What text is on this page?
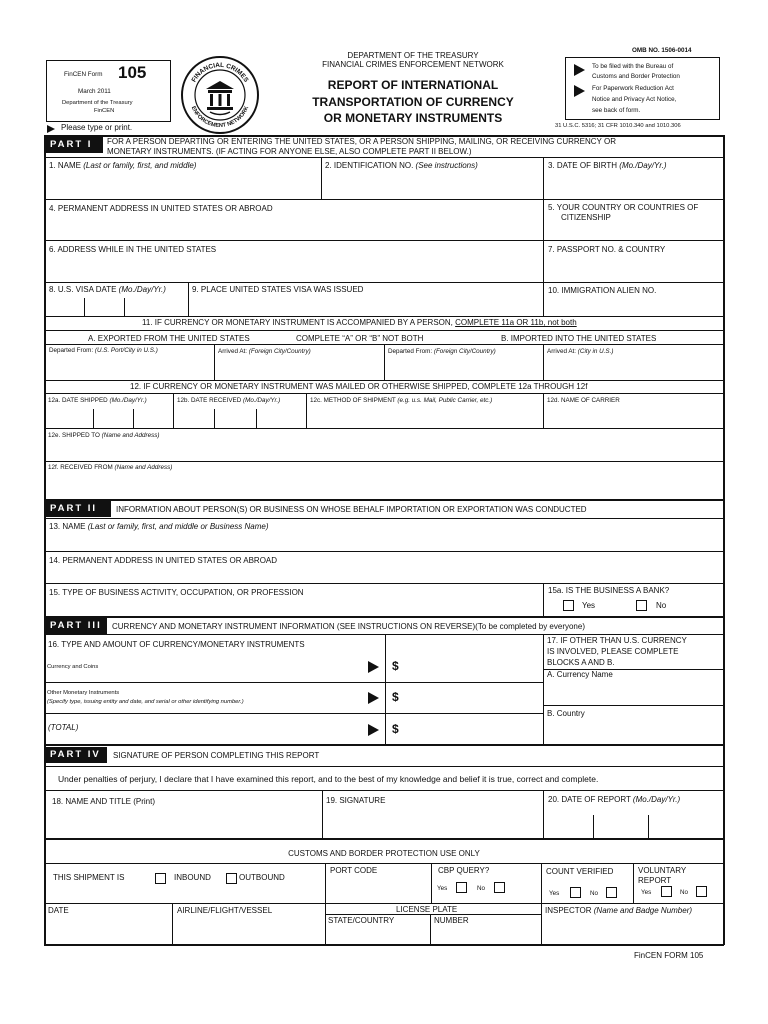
FinCEN Form 105
March 2011
Department of the Treasury
FinCEN
FINANCIAL CRIMES
ENFORCEMENT NETWORK
DEPARTMENT OF THE TREASURY
FINANCIAL CRIMES ENFORCEMENT NETWORK
REPORT OF INTERNATIONAL
TRANSPORTATION OF CURRENCY
OR MONETARY INSTRUMENTS
OMB NO. 1506-0014
To be filed with the Bureau of
Customs and Border Protection
For Paperwork Reduction Act
Notice and Privacy Act Notice,
see back of form.
31 U.S.C. 5316; 31 CFR 1010.340 and 1010.306
Please type or print.
PART I	FOR A PERSON DEPARTING OR ENTERING THE UNITED STATES, OR A PERSON SHIPPING, MAILING, OR RECEIVING CURRENCY OR
MONETARY INSTRUMENTS. (IF ACTING FOR ANYONE ELSE, ALSO COMPLETE PART II BELOW.)
1. NAME (Last or family, first, and middle)	2. IDENTIFICATION NO. (See instructions)	3. DATE OF BIRTH (Mo./Day/Yr.)
4. PERMANENT ADDRESS IN UNITED STATES OR ABROAD	5. YOUR COUNTRY OR COUNTRIES OF
CITIZENSHIP
6. ADDRESS WHILE IN THE UNITED STATES	7. PASSPORT NO. & COUNTRY
8. U.S. VISA DATE (Mo./Day/Yr.)	9. PLACE UNITED STATES VISA WAS ISSUED	10. IMMIGRATION ALIEN NO.
11. IF CURRENCY OR MONETARY INSTRUMENT IS ACCOMPANIED BY A PERSON, COMPLETE 11a OR 11b, not both
A. EXPORTED FROM THE UNITED STATES	COMPLETE “A” OR “B” NOT BOTH	B. IMPORTED INTO THE UNITED STATES
Departed From: (U.S. Port/City in U.S.)	Arrived At: (Foreign City/Country)	Departed From: (Foreign City/Country)	Arrived At: (City in U.S.)
12. IF CURRENCY OR MONETARY INSTRUMENT WAS MAILED OR OTHERWISE SHIPPED, COMPLETE 12a THROUGH 12f
12a. DATE SHIPPED (Mo./Day/Yr.)	12b. DATE RECEIVED (Mo./Day/Yr.)	12c. METHOD OF SHIPMENT (e.g. u.s. Mail, Public Carrier, etc.)	12d. NAME OF CARRIER
12e. SHIPPED TO (Name and Address)
12f. RECEIVED FROM (Name and Address)
PART II	INFORMATION ABOUT PERSON(S) OR BUSINESS ON WHOSE BEHALF IMPORTATION OR EXPORTATION WAS CONDUCTED
13. NAME (Last or family, first, and middle or Business Name)
14. PERMANENT ADDRESS IN UNITED STATES OR ABROAD
15. TYPE OF BUSINESS ACTIVITY, OCCUPATION, OR PROFESSION	15a. IS THE BUSINESS A BANK?
Yes	No
PART III	CURRENCY AND MONETARY INSTRUMENT INFORMATION (SEE INSTRUCTIONS ON REVERSE)(To be completed by everyone)
16. TYPE AND AMOUNT OF CURRENCY/MONETARY INSTRUMENTS
Currency and Coins	$
Other Monetary Instruments
(Specify type, issuing entity and date, and serial or other identifying number.)	$
(TOTAL)	$
17. IF OTHER THAN U.S. CURRENCY
IS INVOLVED, PLEASE COMPLETE
BLOCKS A AND B.
A. Currency Name
B. Country
PART IV	SIGNATURE OF PERSON COMPLETING THIS REPORT
Under penalties of perjury, I declare that I have examined this report, and to the best of my knowledge and belief it is true, correct and complete.
18. NAME AND TITLE (Print)	19. SIGNATURE	20. DATE OF REPORT (Mo./Day/Yr.)
CUSTOMS AND BORDER PROTECTION USE ONLY
THIS SHIPMENT IS	INBOUND	OUTBOUND
PORT CODE	CBP QUERY?
Yes	No
COUNT VERIFIED
Yes	No
VOLUNTARY
REPORT
Yes	No
DATE	AIRLINE/FLIGHT/VESSEL	LICENSE PLATE
STATE/COUNTRY	NUMBER
INSPECTOR (Name and Badge Number)
FinCEN FORM 105
